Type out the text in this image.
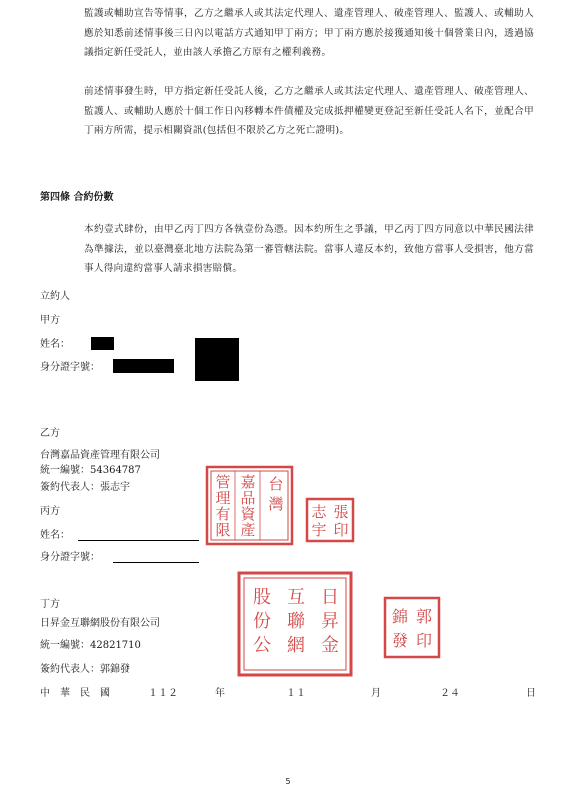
監護或輔助宣告等情事，乙方之繼承人或其法定代理人、遺產管理人、破產管理人、監護人、或輔助人應於知悉前述情事後三日內以電話方式通知甲丁兩方；甲丁兩方應於接獲通知後十個營業日內，透過協議指定新任受託人，並由該人承擔乙方原有之權利義務。
前述情事發生時，甲方指定新任受託人後，乙方之繼承人或其法定代理人、遺產管理人、破產管理人、監護人、或輔助人應於十個工作日內移轉本件債權及完成抵押權變更登記至新任受託人名下，並配合甲丁兩方所需，提示相關資訊(包括但不限於乙方之死亡證明)。
第四條 合約份數
本約壹式肆份，由甲乙丙丁四方各執壹份為憑。因本約所生之爭議，甲乙丙丁四方同意以中華民國法律為準據法，並以臺灣臺北地方法院為第一審管轄法院。當事人違反本約，致他方當事人受損害，他方當事人得向違約當事人請求損害賠償。
立約人
甲方
姓名：
身分證字號：
乙方
台灣嘉品資產管理有限公司
統一編號：54364787
簽約代表人：張志宇
丙方
姓名：
身分證字號：
丁方
日昇金互聯網股份有限公司
統一編號：42821710
簽約代表人：郭錦發
台
灣
嘉
品
資
產
管
理
有
限
張
志
宇 印
日
昇
金
互
聯
網
股
份
公
郭
錦
發 印
中　華　民　國	１１２	年	１１	月	２４	日
5
